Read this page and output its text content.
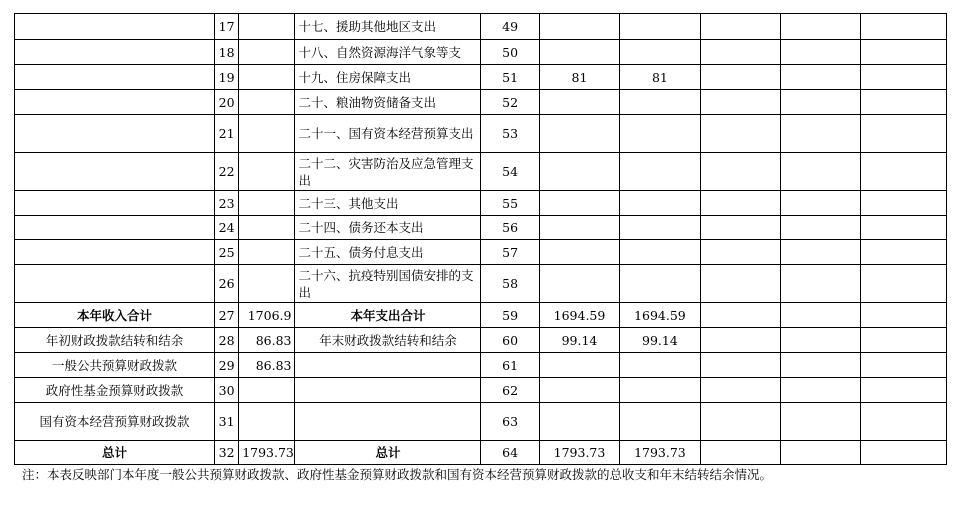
	17		十七、援助其他地区支出	49					
	18		十八、自然资源海洋气象等支	50					
	19		十九、住房保障支出	51	81	81			
	20		二十、粮油物资储备支出	52					
	21		二十一、国有资本经营预算支出	53					
	22		二十二、灾害防治及应急管理支出	54					
	23		二十三、其他支出	55					
	24		二十四、债务还本支出	56					
	25		二十五、债务付息支出	57					
	26		二十六、抗疫特别国债安排的支出	58					
本年收入合计	27	1706.9	本年支出合计	59	1694.59	1694.59			
年初财政拨款结转和结余	28	86.83	年末财政拨款结转和结余	60	99.14	99.14			
一般公共预算财政拨款	29	86.83		61					
政府性基金预算财政拨款	30			62					
国有资本经营预算财政拨款	31			63					
总计	32	1793.73	总计	64	1793.73	1793.73			
注：本表反映部门本年度一般公共预算财政拨款、政府性基金预算财政拨款和国有资本经营预算财政拨款的总收支和年末结转结余情况。
